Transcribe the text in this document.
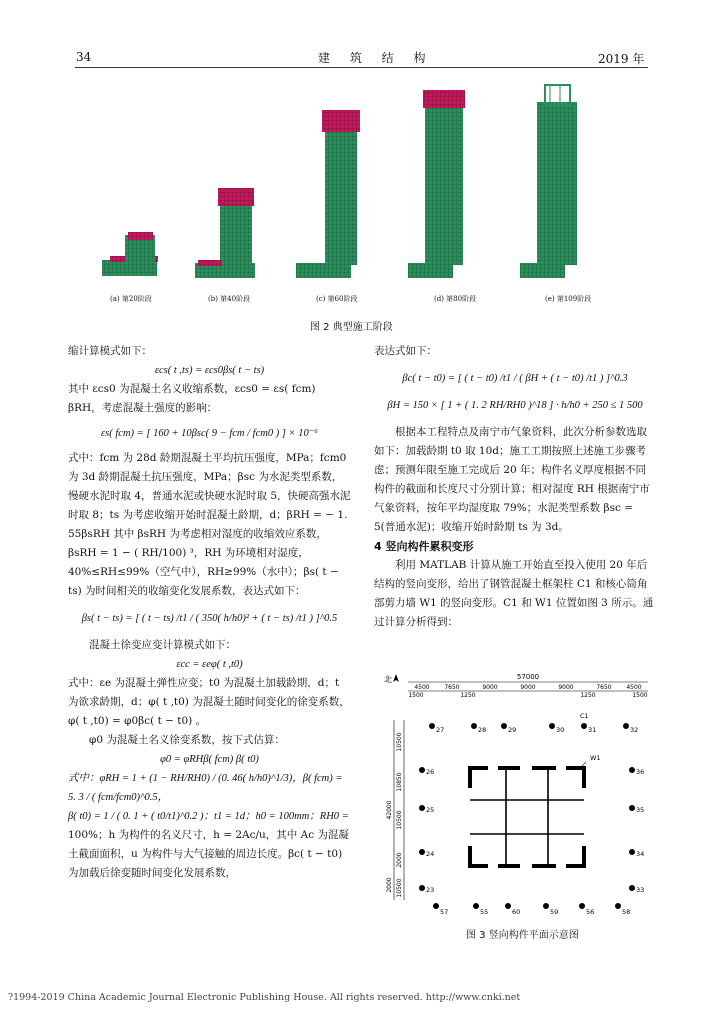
34	建 筑 结 构	2019 年
(a) 第20阶段	(b) 第40阶段	(c) 第60阶段	(d) 第80阶段	(e) 第109阶段
图 2 典型施工阶段

缩计算模式如下：

εcs( t ,ts) = εcs0βs( t − ts)

其中 εcs0 为混凝土名义收缩系数，εcs0 = εs( fcm) βRH，考虑混凝土强度的影响：

εs( fcm) = [ 160 + 10βsc( 9 − fcm / fcm0 ) ] × 10⁻⁶

式中：fcm 为 28d 龄期混凝土平均抗压强度，MPa；fcm0 为 3d 龄期混凝土抗压强度，MPa；βsc 为水泥类型系数，慢硬水泥时取 4，普通水泥或快硬水泥时取 5，快硬高强水泥时取 8；ts 为考虑收缩开始时混凝土龄期，d；βRH = − 1. 55βsRH 其中 βsRH 为考虑相对湿度的收缩效应系数，βsRH = 1 − ( RH/100) ³，RH 为环境相对湿度，40%≤RH≤99%（空气中），RH≥99%（水中）；βs( t − ts) 为时间相关的收缩变化发展系数，表达式如下：

βs( t − ts) = [ ( t − ts) /t1 / ( 350( h/h0)² + ( t − ts) /t1 ) ]^0.5

混凝土徐变应变计算模式如下：

εcc = εeφ( t ,t0)

式中：εe 为混凝土弹性应变；t0 为混凝土加载龄期，d；t 为欲求龄期，d；φ( t ,t0) 为混凝土随时间变化的徐变系数，φ( t ,t0) = φ0βc( t − t0) 。

φ0 为混凝土名义徐变系数，按下式估算：

φ0 = φRHβ( fcm) β( t0)

式中：φRH = 1 + (1 − RH/RH0) / (0. 46( h/h0)^1/3)，β( fcm) = 5. 3 / ( fcm/fcm0)^0.5，

β( t0) = 1 / ( 0. 1 + ( t0/t1)^0.2 )；t1 = 1d；h0 = 100mm；RH0 =

100%；h 为构件的名义尺寸，h = 2Ac/u，其中 Ac 为混凝土截面面积，u 为构件与大气接触的周边长度。βc( t − t0) 为加载后徐变随时间变化发展系数，

表达式如下：

βc( t − t0) = [ ( t − t0) /t1 / ( βH + ( t − t0) /t1 ) ]^0.3

βH = 150 × [ 1 + ( 1. 2 RH/RH0 )^18 ] · h/h0 + 250 ≤ 1 500

根据本工程特点及南宁市气象资料，此次分析参数选取如下：加载龄期 t0 取 10d；施工工期按照上述施工步骤考虑；预测年限至施工完成后 20 年；构件名义厚度根据不同构件的截面和长度尺寸分别计算；相对湿度 RH 根据南宁市气象资料，按年平均湿度取 79%；水泥类型系数 βsc = 5(普通水泥)；收缩开始时龄期 ts 为 3d。

4 竖向构件累积变形

利用 MATLAB 计算从施工开始直至投入使用 20 年后结构的竖向变形，给出了钢管混凝土框架柱 C1 和核心筒角部剪力墙 W1 的竖向变形。C1 和 W1 位置如图 3 所示。通过计算分析得到：

北	57000
4500 7650	9000	9000	9000	7650 4500
1500	1250	1250	1500
10500
10850
42000
10500
2000
2000 10500
27	28	29	30	31	32
36
35
34
33
26
25
24
23
57	55	60	59	56	58
C1
W1
图 3 竖向构件平面示意图
?1994-2019 China Academic Journal Electronic Publishing House. All rights reserved. http://www.cnki.net
